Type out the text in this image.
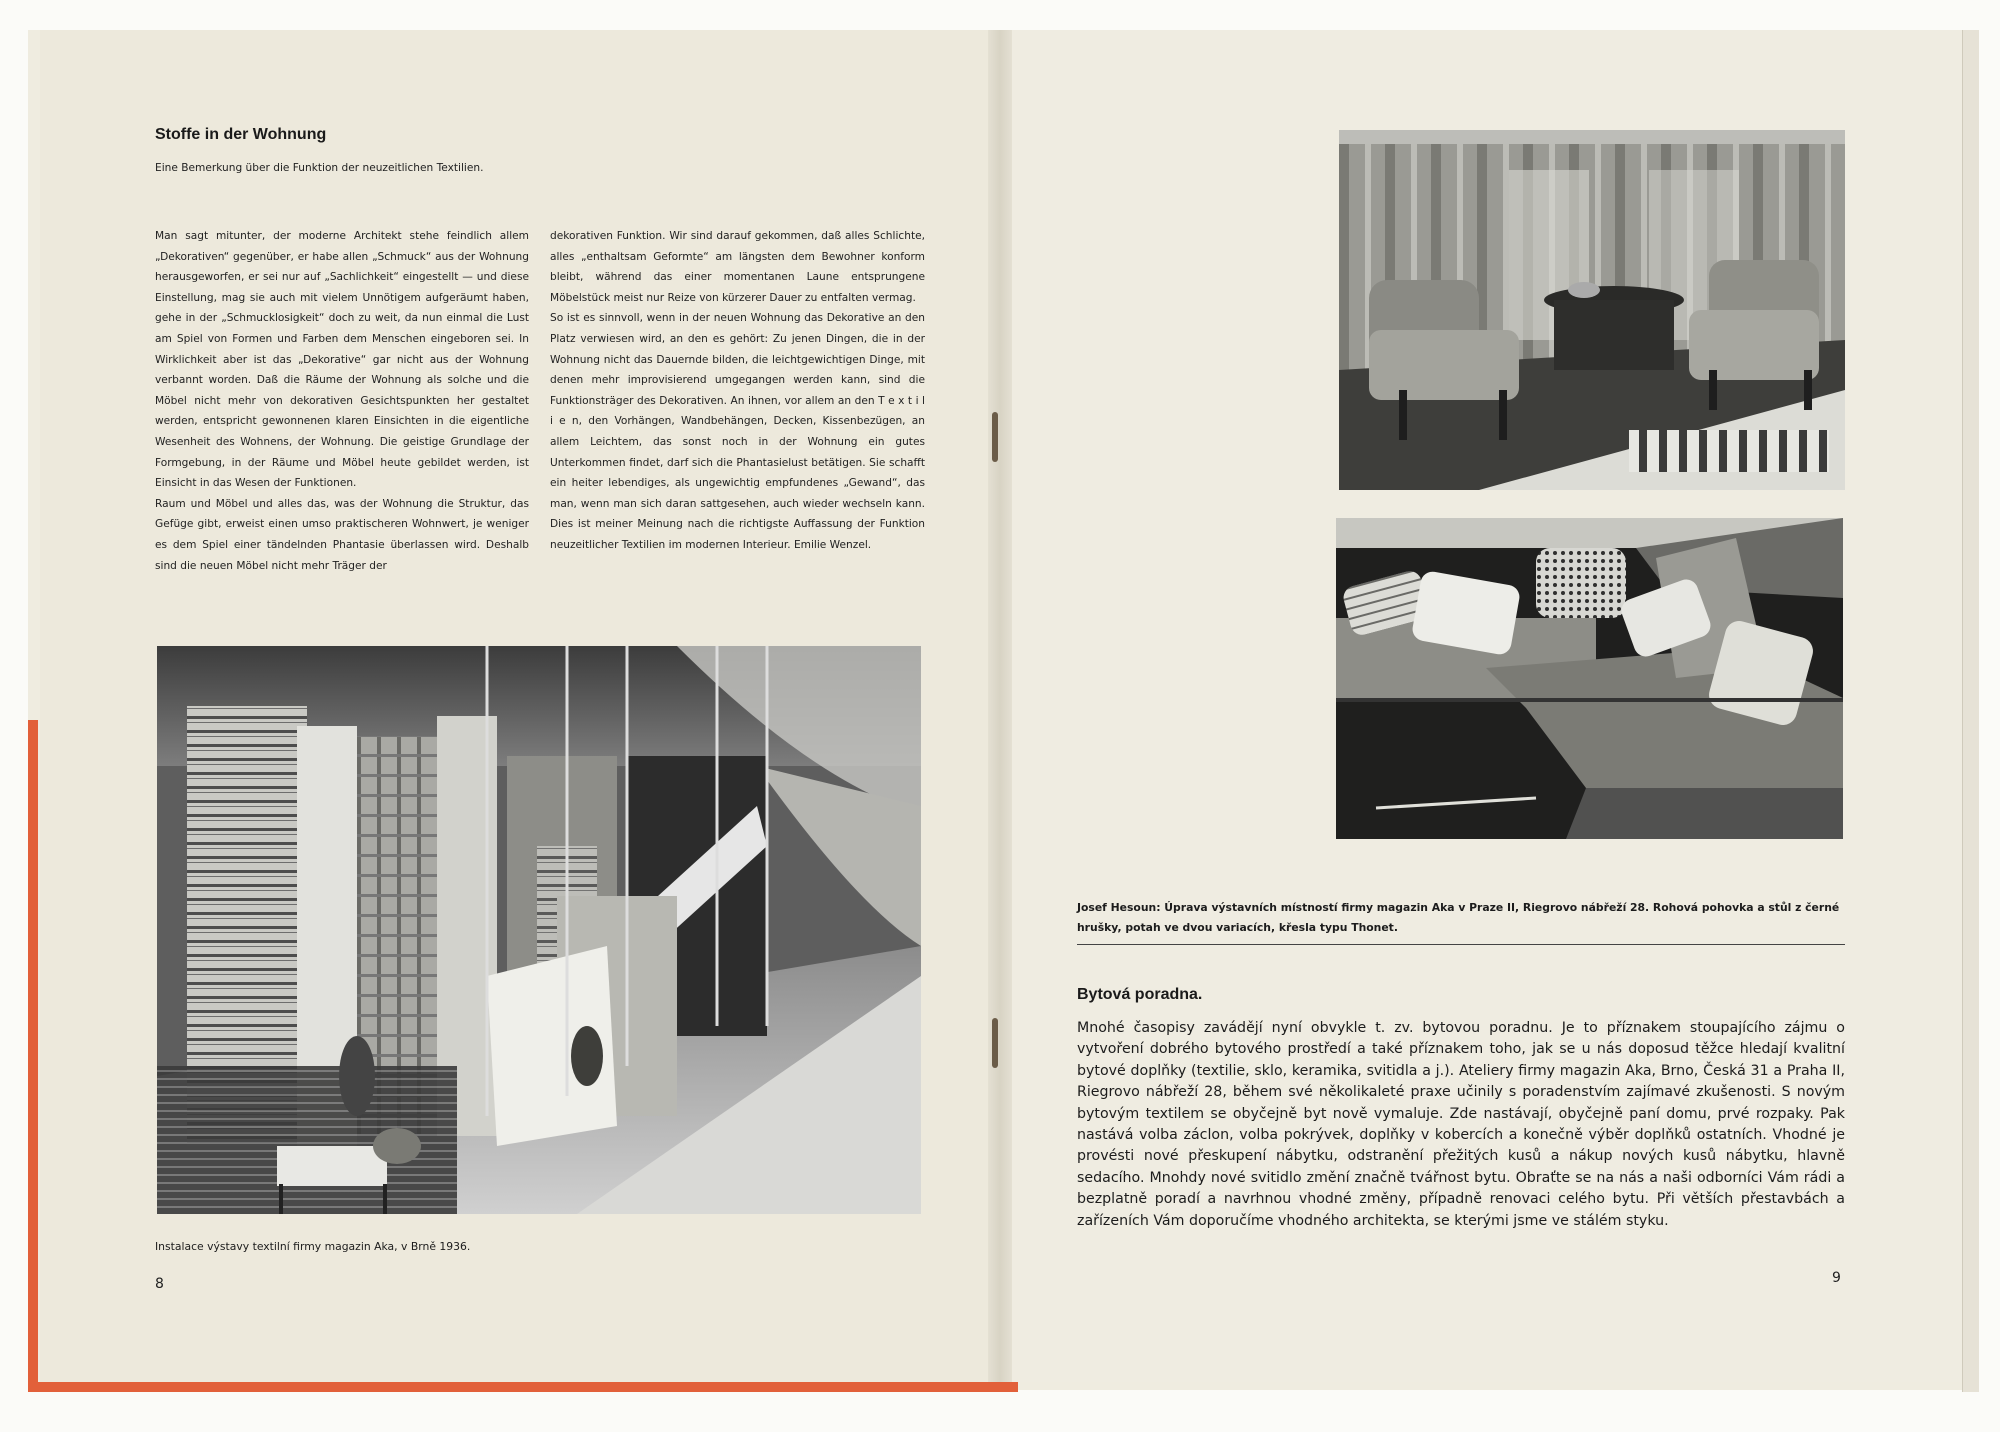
Stoffe in der Wohnung
Eine Bemerkung über die Funktion der neuzeitlichen Textilien.

Man sagt mitunter, der moderne Architekt stehe feindlich allem „Dekorativen“ gegenüber, er habe allen „Schmuck“ aus der Wohnung herausgeworfen, er sei nur auf „Sachlichkeit“ eingestellt — und diese Einstellung, mag sie auch mit vielem Unnötigem aufgeräumt haben, gehe in der „Schmucklosigkeit“ doch zu weit, da nun einmal die Lust am Spiel von Formen und Farben dem Menschen eingeboren sei. In Wirklichkeit aber ist das „Dekorative“ gar nicht aus der Wohnung verbannt worden. Daß die Räume der Wohnung als solche und die Möbel nicht mehr von dekorativen Gesichtspunkten her gestaltet werden, entspricht gewonnenen klaren Einsichten in die eigentliche Wesenheit des Wohnens, der Wohnung. Die geistige Grundlage der Formgebung, in der Räume und Möbel heute gebildet werden, ist Einsicht in das Wesen der Funktionen.

Raum und Möbel und alles das, was der Wohnung die Struktur, das Gefüge gibt, erweist einen umso praktischeren Wohnwert, je weniger es dem Spiel einer tändelnden Phantasie überlassen wird. Deshalb sind die neuen Möbel nicht mehr Träger der

dekorativen Funktion. Wir sind darauf gekommen, daß alles Schlichte, alles „enthaltsam Geformte“ am längsten dem Bewohner konform bleibt, während das einer momentanen Laune entsprungene Möbelstück meist nur Reize von kürzerer Dauer zu entfalten vermag.

So ist es sinnvoll, wenn in der neuen Wohnung das Dekorative an den Platz verwiesen wird, an den es gehört: Zu jenen Dingen, die in der Wohnung nicht das Dauernde bilden, die leichtgewichtigen Dinge, mit denen mehr improvisierend umgegangen werden kann, sind die Funktionsträger des Dekorativen. An ihnen, vor allem an den T e x t i l i e n, den Vorhängen, Wandbehängen, Decken, Kissenbezügen, an allem Leichtem, das sonst noch in der Wohnung ein gutes Unterkommen findet, darf sich die Phantasielust betätigen. Sie schafft ein heiter lebendiges, als ungewichtig empfundenes „Gewand“, das man, wenn man sich daran sattgesehen, auch wieder wechseln kann. Dies ist meiner Meinung nach die richtigste Auffassung der Funktion neuzeitlicher Textilien im modernen Interieur. Emilie Wenzel.

Instalace výstavy textilní firmy magazin Aka, v Brně 1936.
8
Josef Hesoun: Úprava výstavních místností firmy magazin Aka v Praze II, Riegrovo nábřeží 28. Rohová pohovka a stůl z černé hrušky, potah ve dvou variacích, křesla typu Thonet.
Bytová poradna.
Mnohé časopisy zavádějí nyní obvykle t. zv. bytovou poradnu. Je to příznakem stoupajícího zájmu o vytvoření dobrého bytového prostředí a také příznakem toho, jak se u nás doposud těžce hledají kvalitní bytové doplňky (textilie, sklo, keramika, svitidla a j.). Ateliery firmy magazin Aka, Brno, Česká 31 a Praha II, Riegrovo nábřeží 28, během své několikaleté praxe učinily s poradenstvím zajímavé zkušenosti. S novým bytovým textilem se obyčejně byt nově vymaluje. Zde nastávají, obyčejně paní domu, prvé rozpaky. Pak nastává volba záclon, volba pokrývek, doplňky v kobercích a konečně výběr doplňků ostatních. Vhodné je provésti nové přeskupení nábytku, odstranění přežitých kusů a nákup nových kusů nábytku, hlavně sedacího. Mnohdy nové svitidlo změní značně tvářnost bytu. Obraťte se na nás a naši odborníci Vám rádi a bezplatně poradí a navrhnou vhodné změny, případně renovaci celého bytu. Při větších přestavbách a zařízeních Vám doporučíme vhodného architekta, se kterými jsme ve stálém styku.
9
